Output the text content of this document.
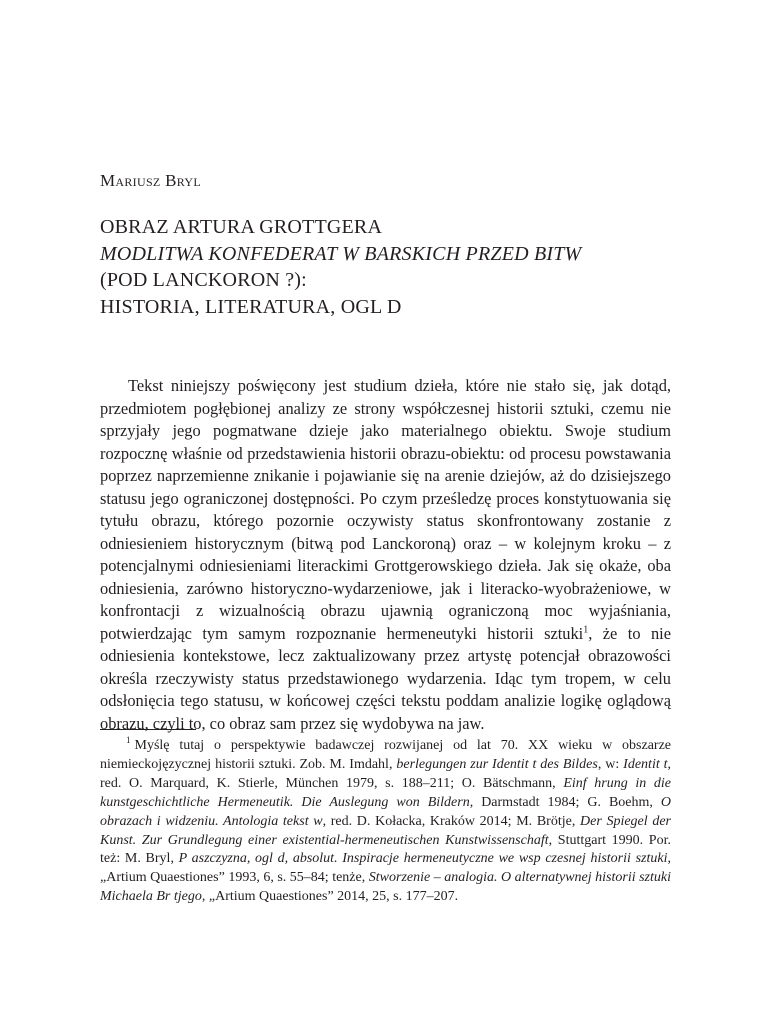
Mariusz Bryl
OBRAZ ARTURA GROTTGERA
MODLITWA KONFEDERAT W BARSKICH PRZED BITW
(POD LANCKORON ?):
HISTORIA, LITERATURA, OGL D

Tekst niniejszy poświęcony jest studium dzieła, które nie stało się, jak dotąd, przedmiotem pogłębionej analizy ze strony współczesnej historii sztuki, czemu nie sprzyjały jego pogmatwane dzieje jako materialnego obiektu. Swoje studium rozpocznę właśnie od przedstawienia historii obrazu-obiektu: od procesu powstawania poprzez naprzemienne znikanie i pojawianie się na arenie dziejów, aż do dzisiejszego statusu jego ograniczonej dostępności. Po czym prześledzę proces konstytuowania się tytułu obrazu, którego pozornie oczywisty status skonfrontowany zostanie z odniesieniem historycznym (bitwą pod Lanckoroną) oraz – w kolejnym kroku – z potencjalnymi odniesieniami literackimi Grottgerowskiego dzieła. Jak się okaże, oba odniesienia, zarówno historyczno-wydarzeniowe, jak i literacko-wyobrażeniowe, w konfrontacji z wizualnością obrazu ujawnią ograniczoną moc wyjaśniania, potwierdzając tym samym rozpoznanie hermeneutyki historii sztuki$^1$, że to nie odniesienia kontekstowe, lecz zaktualizowany przez artystę potencjał obrazowości określa rzeczywisty status przedstawionego wydarzenia. Idąc tym tropem, w celu odsłonięcia tego statusu, w końcowej części tekstu poddam analizie logikę oglądową obrazu, czyli to, co obraz sam przez się wydobywa na jaw.

$^1$ Myślę tutaj o perspektywie badawczej rozwijanej od lat 70. XX wieku w obszarze niemieckojęzycznej historii sztuki. Zob. M. Imdahl, berlegungen zur Identit t des Bildes, w: Identit t, red. O. Marquard, K. Stierle, München 1979, s. 188–211; O. Bätschmann, Einf hrung in die kunstgeschichtliche Hermeneutik. Die Auslegung won Bildern, Darmstadt 1984; G. Boehm, O obrazach i widzeniu. Antologia tekst w, red. D. Kołacka, Kraków 2014; M. Brötje, Der Spiegel der Kunst. Zur Grundlegung einer existential-hermeneutischen Kunstwissenschaft, Stuttgart 1990. Por. też: M. Bryl, P aszczyzna, ogl d, absolut. Inspiracje hermeneutyczne we wsp czesnej historii sztuki, „Artium Quaestiones” 1993, 6, s. 55–84; tenże, Stworzenie – analogia. O alternatywnej historii sztuki Michaela Br tjego, „Artium Quaestiones” 2014, 25, s. 177–207.
